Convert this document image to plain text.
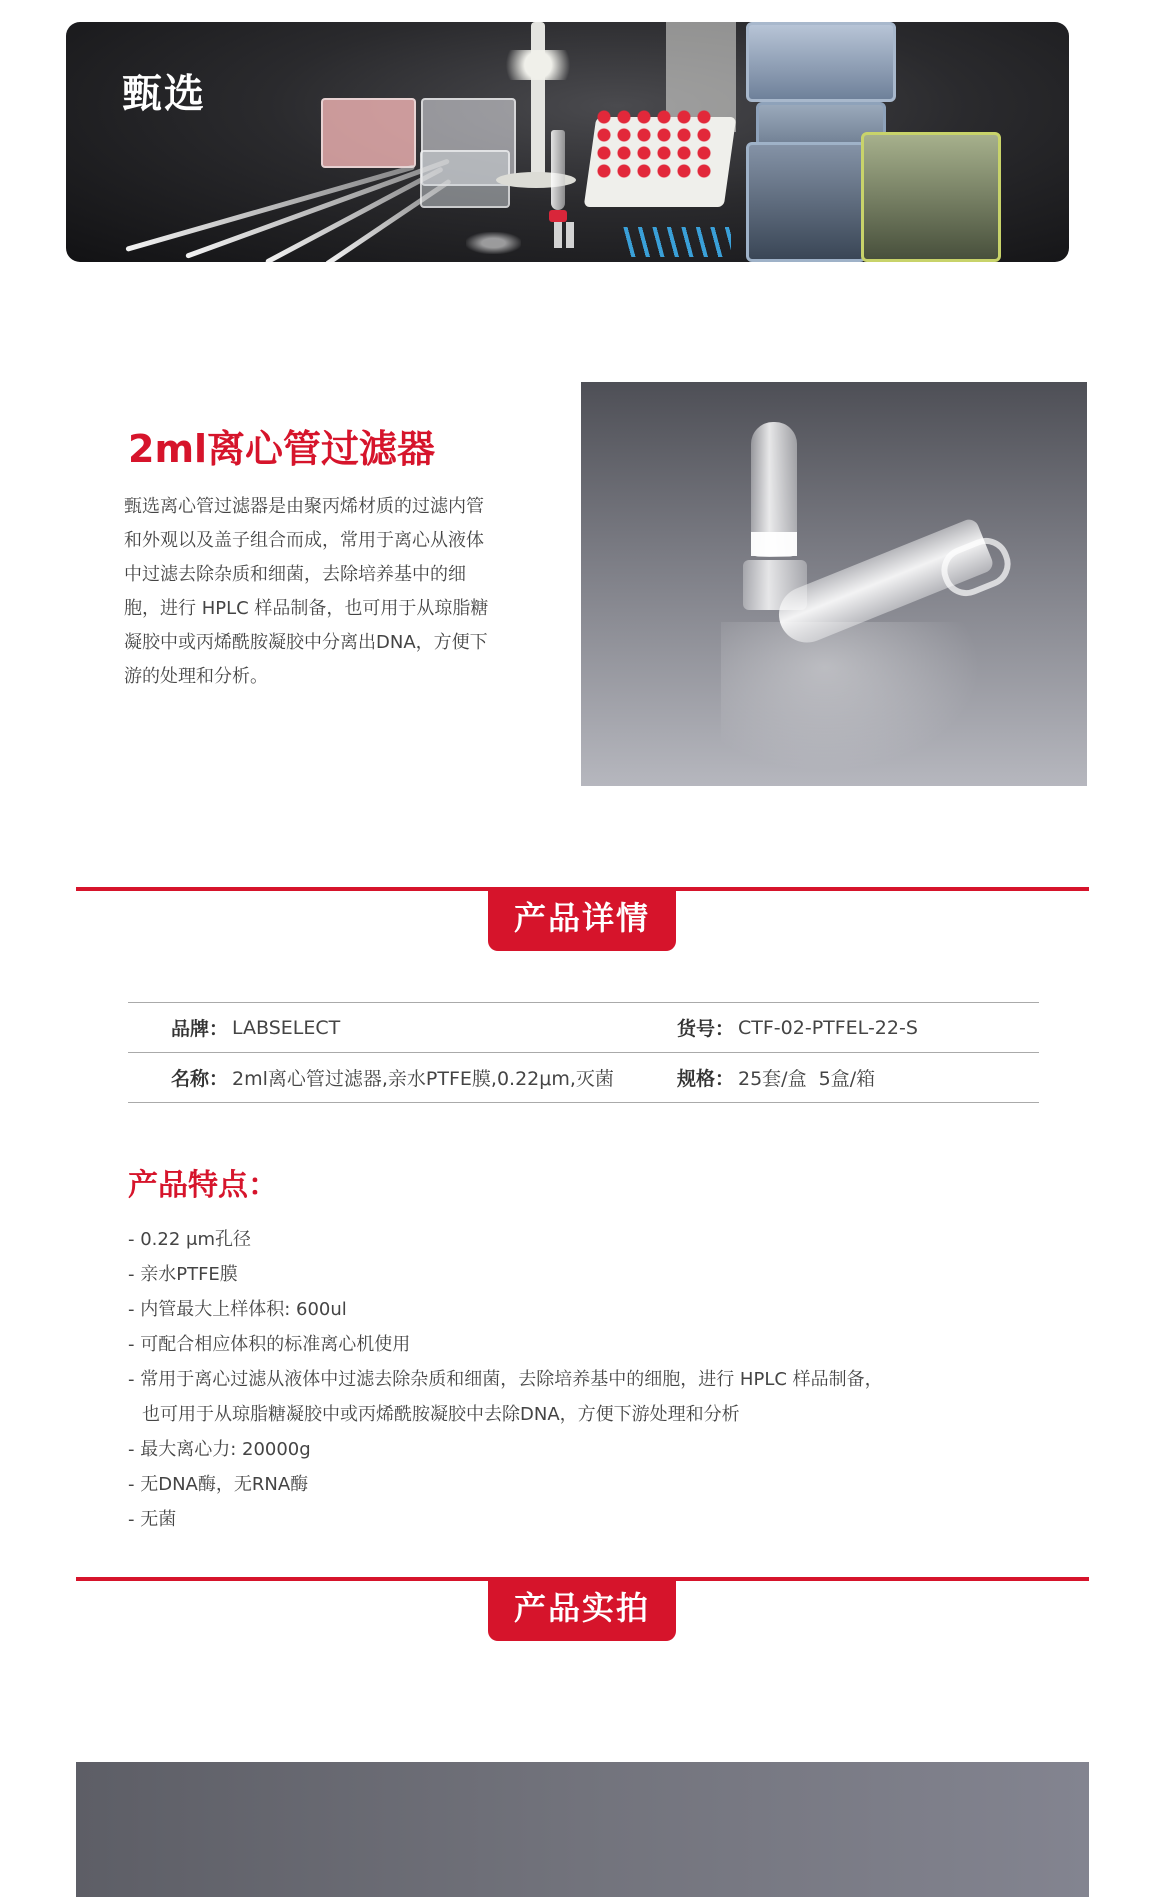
甄选
2ml离心管过滤器

甄选离心管过滤器是由聚丙烯材质的过滤内管和外观以及盖子组合而成，常用于离心从液体中过滤去除杂质和细菌，去除培养基中的细胞，进行 HPLC 样品制备，也可用于从琼脂糖凝胶中或丙烯酰胺凝胶中分离出DNA，方便下游的处理和分析。

产品详情
品牌：	LABSELECT	货号：	CTF-02-PTFEL-22-S
名称：	2ml离心管过滤器,亲水PTFE膜,0.22μm,灭菌	规格：	25套/盒  5盒/箱
产品特点：
- 0.22 μm孔径
- 亲水PTFE膜
- 内管最大上样体积: 600ul
- 可配合相应体积的标准离心机使用
- 常用于离心过滤从液体中过滤去除杂质和细菌，去除培养基中的细胞，进行 HPLC 样品制备，
也可用于从琼脂糖凝胶中或丙烯酰胺凝胶中去除DNA，方便下游处理和分析
- 最大离心力: 20000g
- 无DNA酶，无RNA酶
- 无菌
产品实拍
